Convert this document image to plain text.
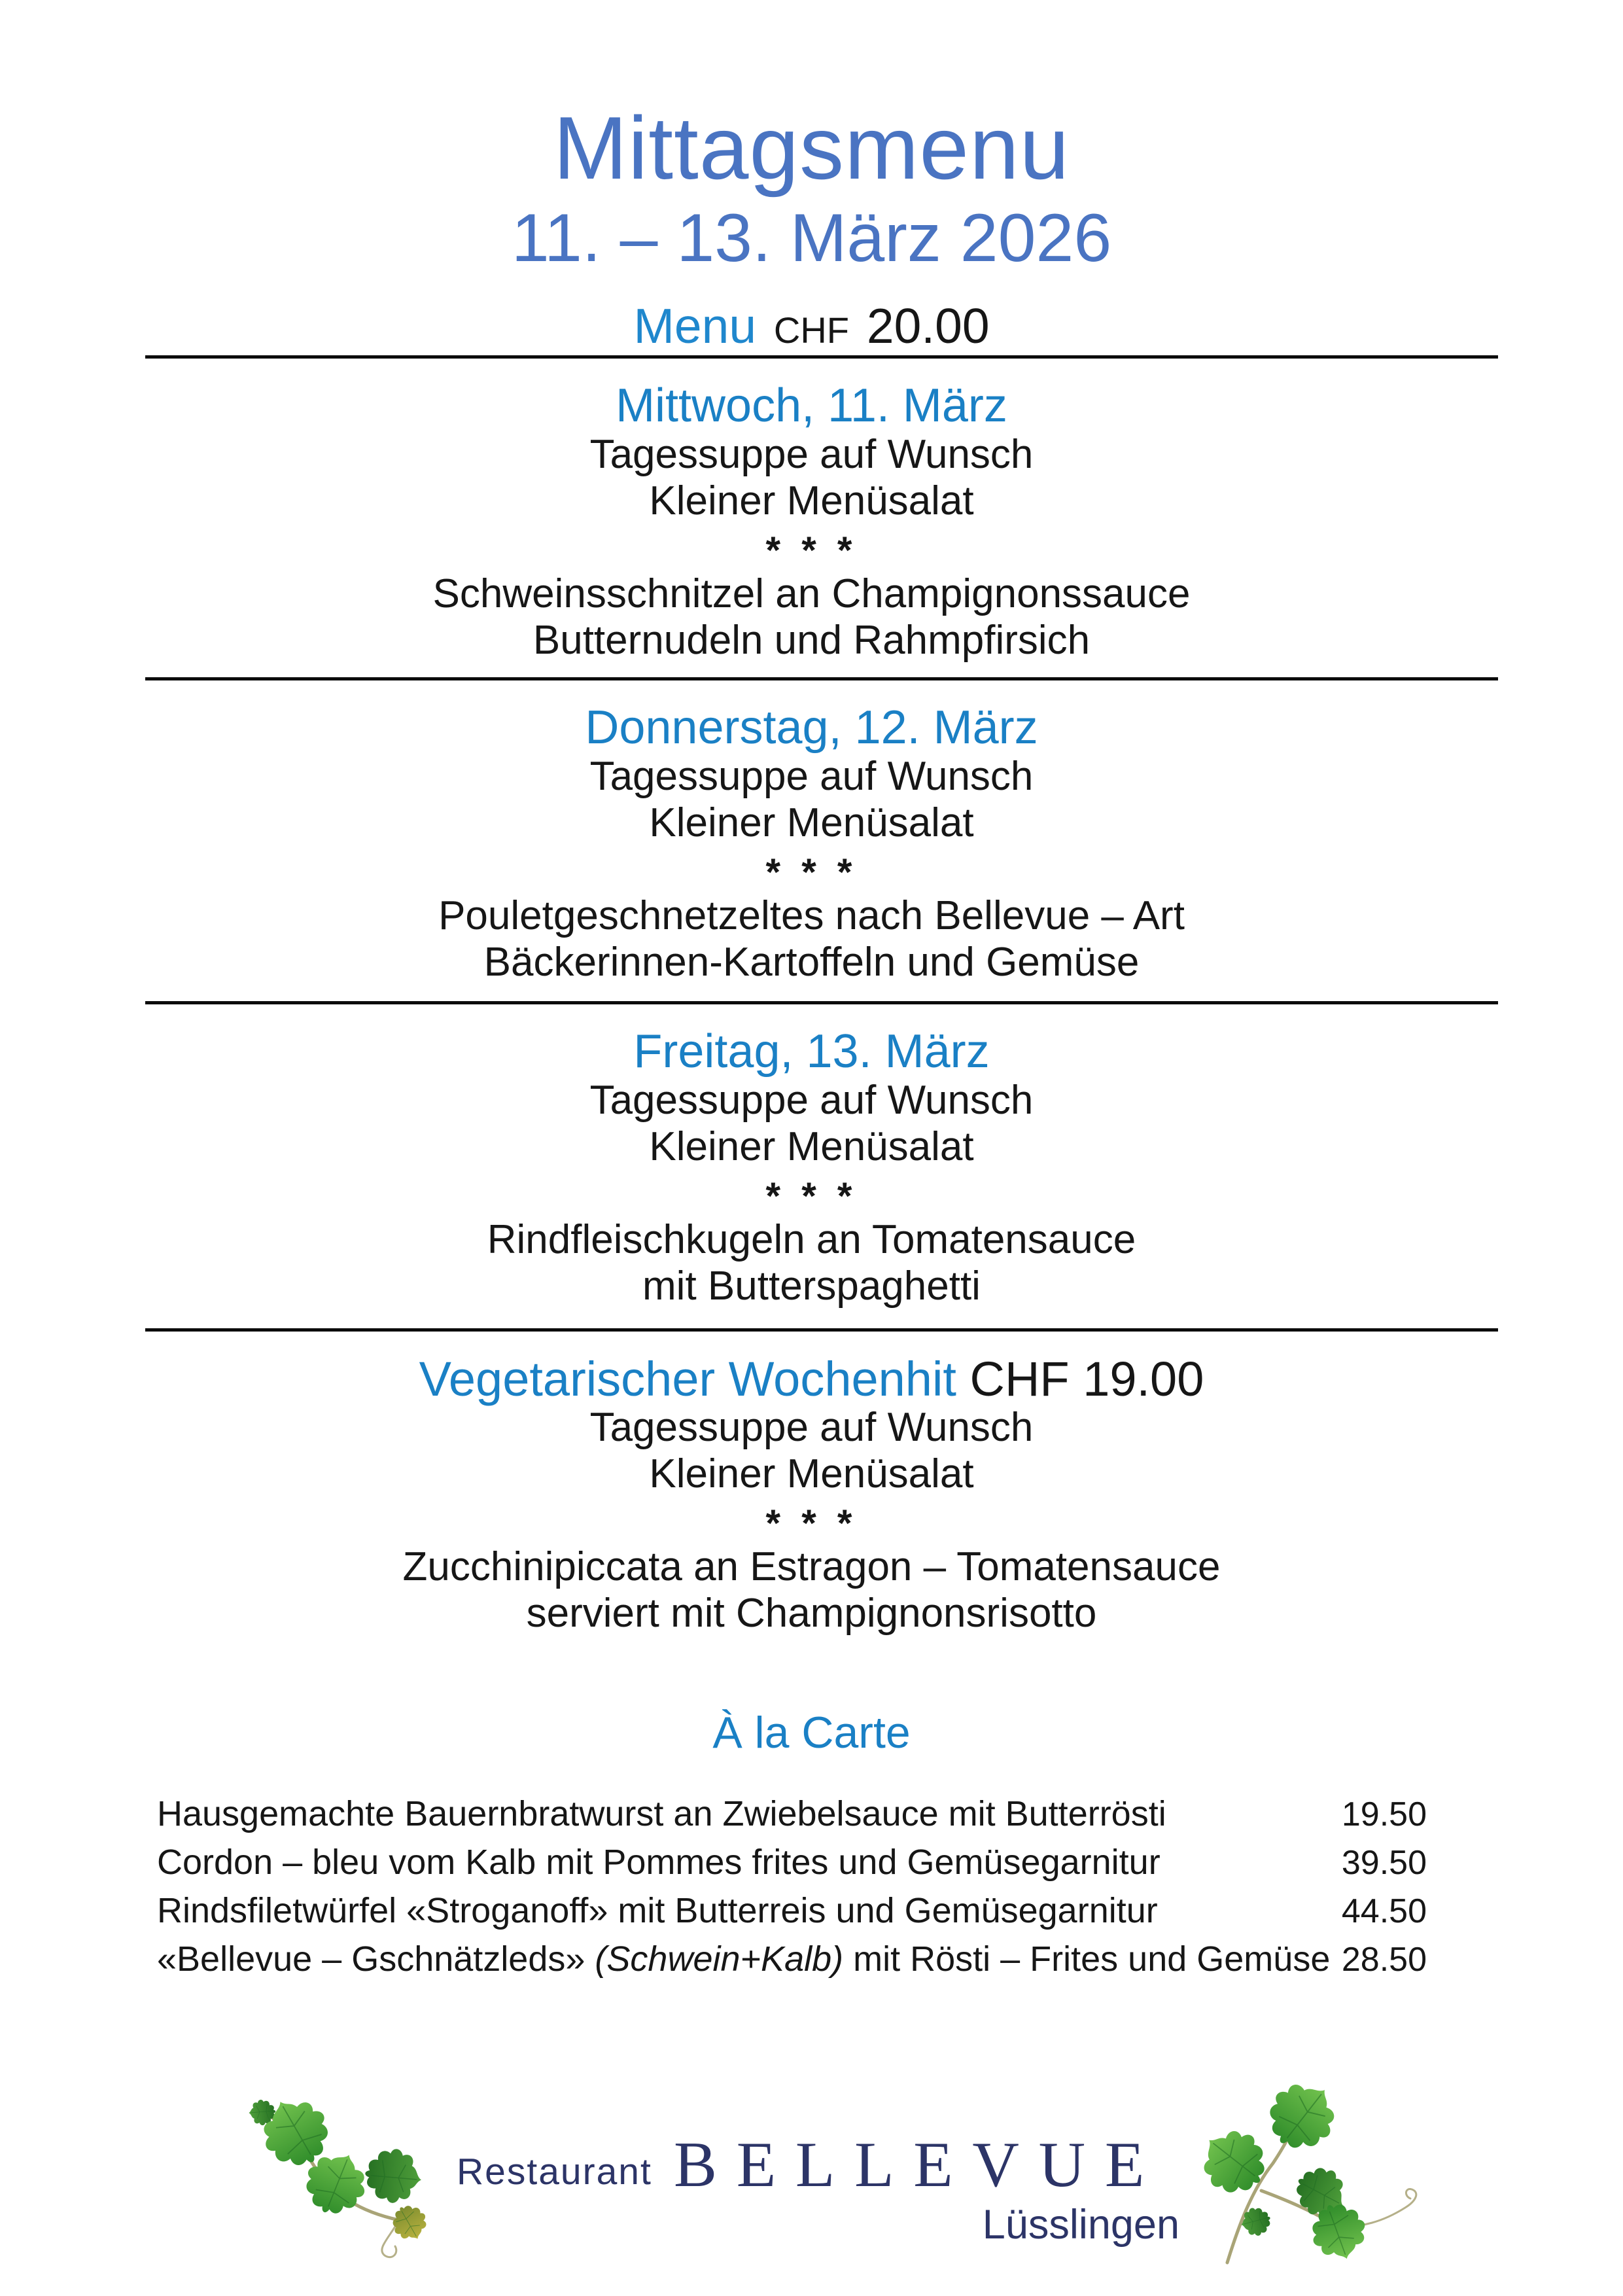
Mittagsmenu
11. – 13. März 2026
Menu CHF 20.00
Mittwoch, 11. März
Tagessuppe auf Wunsch
Kleiner Menüsalat
* * *
Schweinsschnitzel an Champignonssauce
Butternudeln und Rahmpfirsich
Donnerstag, 12. März
Tagessuppe auf Wunsch
Kleiner Menüsalat
* * *
Pouletgeschnetzeltes nach Bellevue – Art
Bäckerinnen-Kartoffeln und Gemüse
Freitag, 13. März
Tagessuppe auf Wunsch
Kleiner Menüsalat
* * *
Rindfleischkugeln an Tomatensauce
mit Butterspaghetti
Vegetarischer Wochenhit CHF 19.00
Tagessuppe auf Wunsch
Kleiner Menüsalat
* * *
Zucchinipiccata an Estragon – Tomatensauce
serviert mit Champignonsrisotto
À la Carte
Hausgemachte Bauernbratwurst an Zwiebelsauce mit Butterrösti	19.50
Cordon – bleu vom Kalb mit Pommes frites und Gemüsegarnitur	39.50
Rindsfiletwürfel «Stroganoff» mit Butterreis und Gemüsegarnitur	44.50
«Bellevue – Gschnätzleds» (Schwein+Kalb) mit Rösti – Frites und Gemüse 28.50
Restaurant BELLEVUE
Lüsslingen
